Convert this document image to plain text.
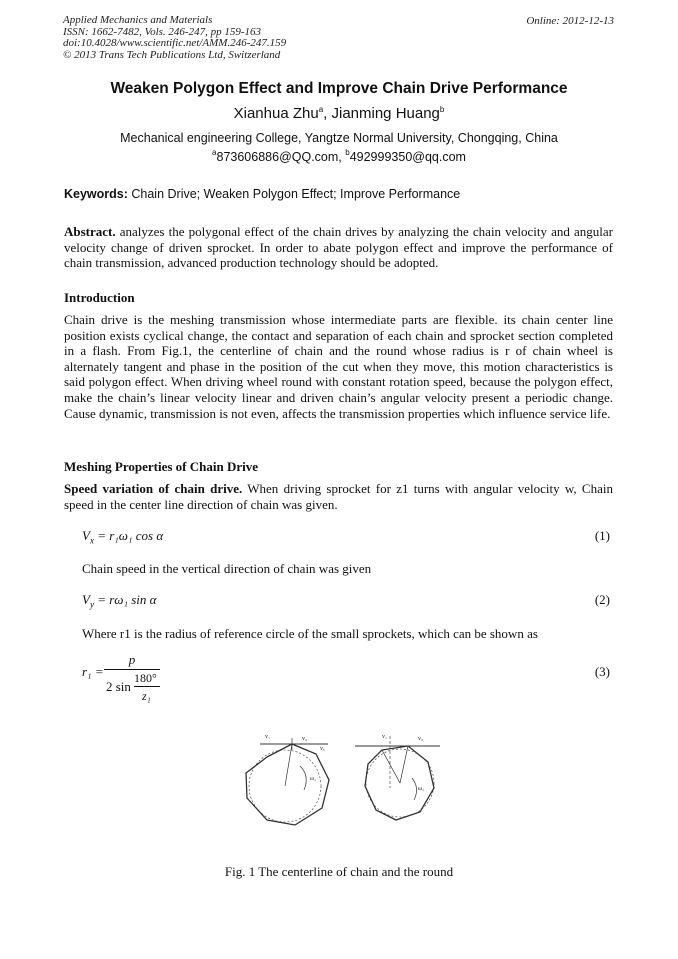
Applied Mechanics and Materials
ISSN: 1662-7482, Vols. 246-247, pp 159-163
doi:10.4028/www.scientific.net/AMM.246-247.159
© 2013 Trans Tech Publications Ltd, Switzerland
Online: 2012-12-13
Weaken Polygon Effect and Improve Chain Drive Performance
Xianhua Zhu$^a$, Jianming Huang$^b$
Mechanical engineering College, Yangtze Normal University, Chongqing, China
$^a$873606886@QQ.com, $^b$492999350@qq.com
Keywords: Chain Drive; Weaken Polygon Effect; Improve Performance
Abstract. analyzes the polygonal effect of the chain drives by analyzing the chain velocity and angular velocity change of driven sprocket. In order to abate polygon effect and improve the performance of chain transmission, advanced production technology should be adopted.
Introduction
Chain drive is the meshing transmission whose intermediate parts are flexible. its chain center line position exists cyclical change, the contact and separation of each chain and sprocket section completed in a flash. From Fig.1, the centerline of chain and the round whose radius is r of chain wheel is alternately tangent and phase in the position of the cut when they move, this motion characteristics is said polygon effect. When driving wheel round with constant rotation speed, because the polygon effect, make the chain’s linear velocity linear and driven chain’s angular velocity present a periodic change. Cause dynamic, transmission is not even, affects the transmission properties which influence service life.
Meshing Properties of Chain Drive
Speed variation of chain drive. When driving sprocket for z1 turns with angular velocity w, Chain speed in the center line direction of chain was given.
$V_x = r_1\omega_1$ cos α	(1)
Chain speed in the vertical direction of chain was given
$V_y = r\omega_1$ sin α	(2)
Where r1 is the radius of reference circle of the small sprockets, which can be shown as
r₁ =
p
2 sin
180°
z₁
(3)
v₁	v₂
vₓ
ω₁
v₁	v₂
ω₁
Fig. 1 The centerline of chain and the round
